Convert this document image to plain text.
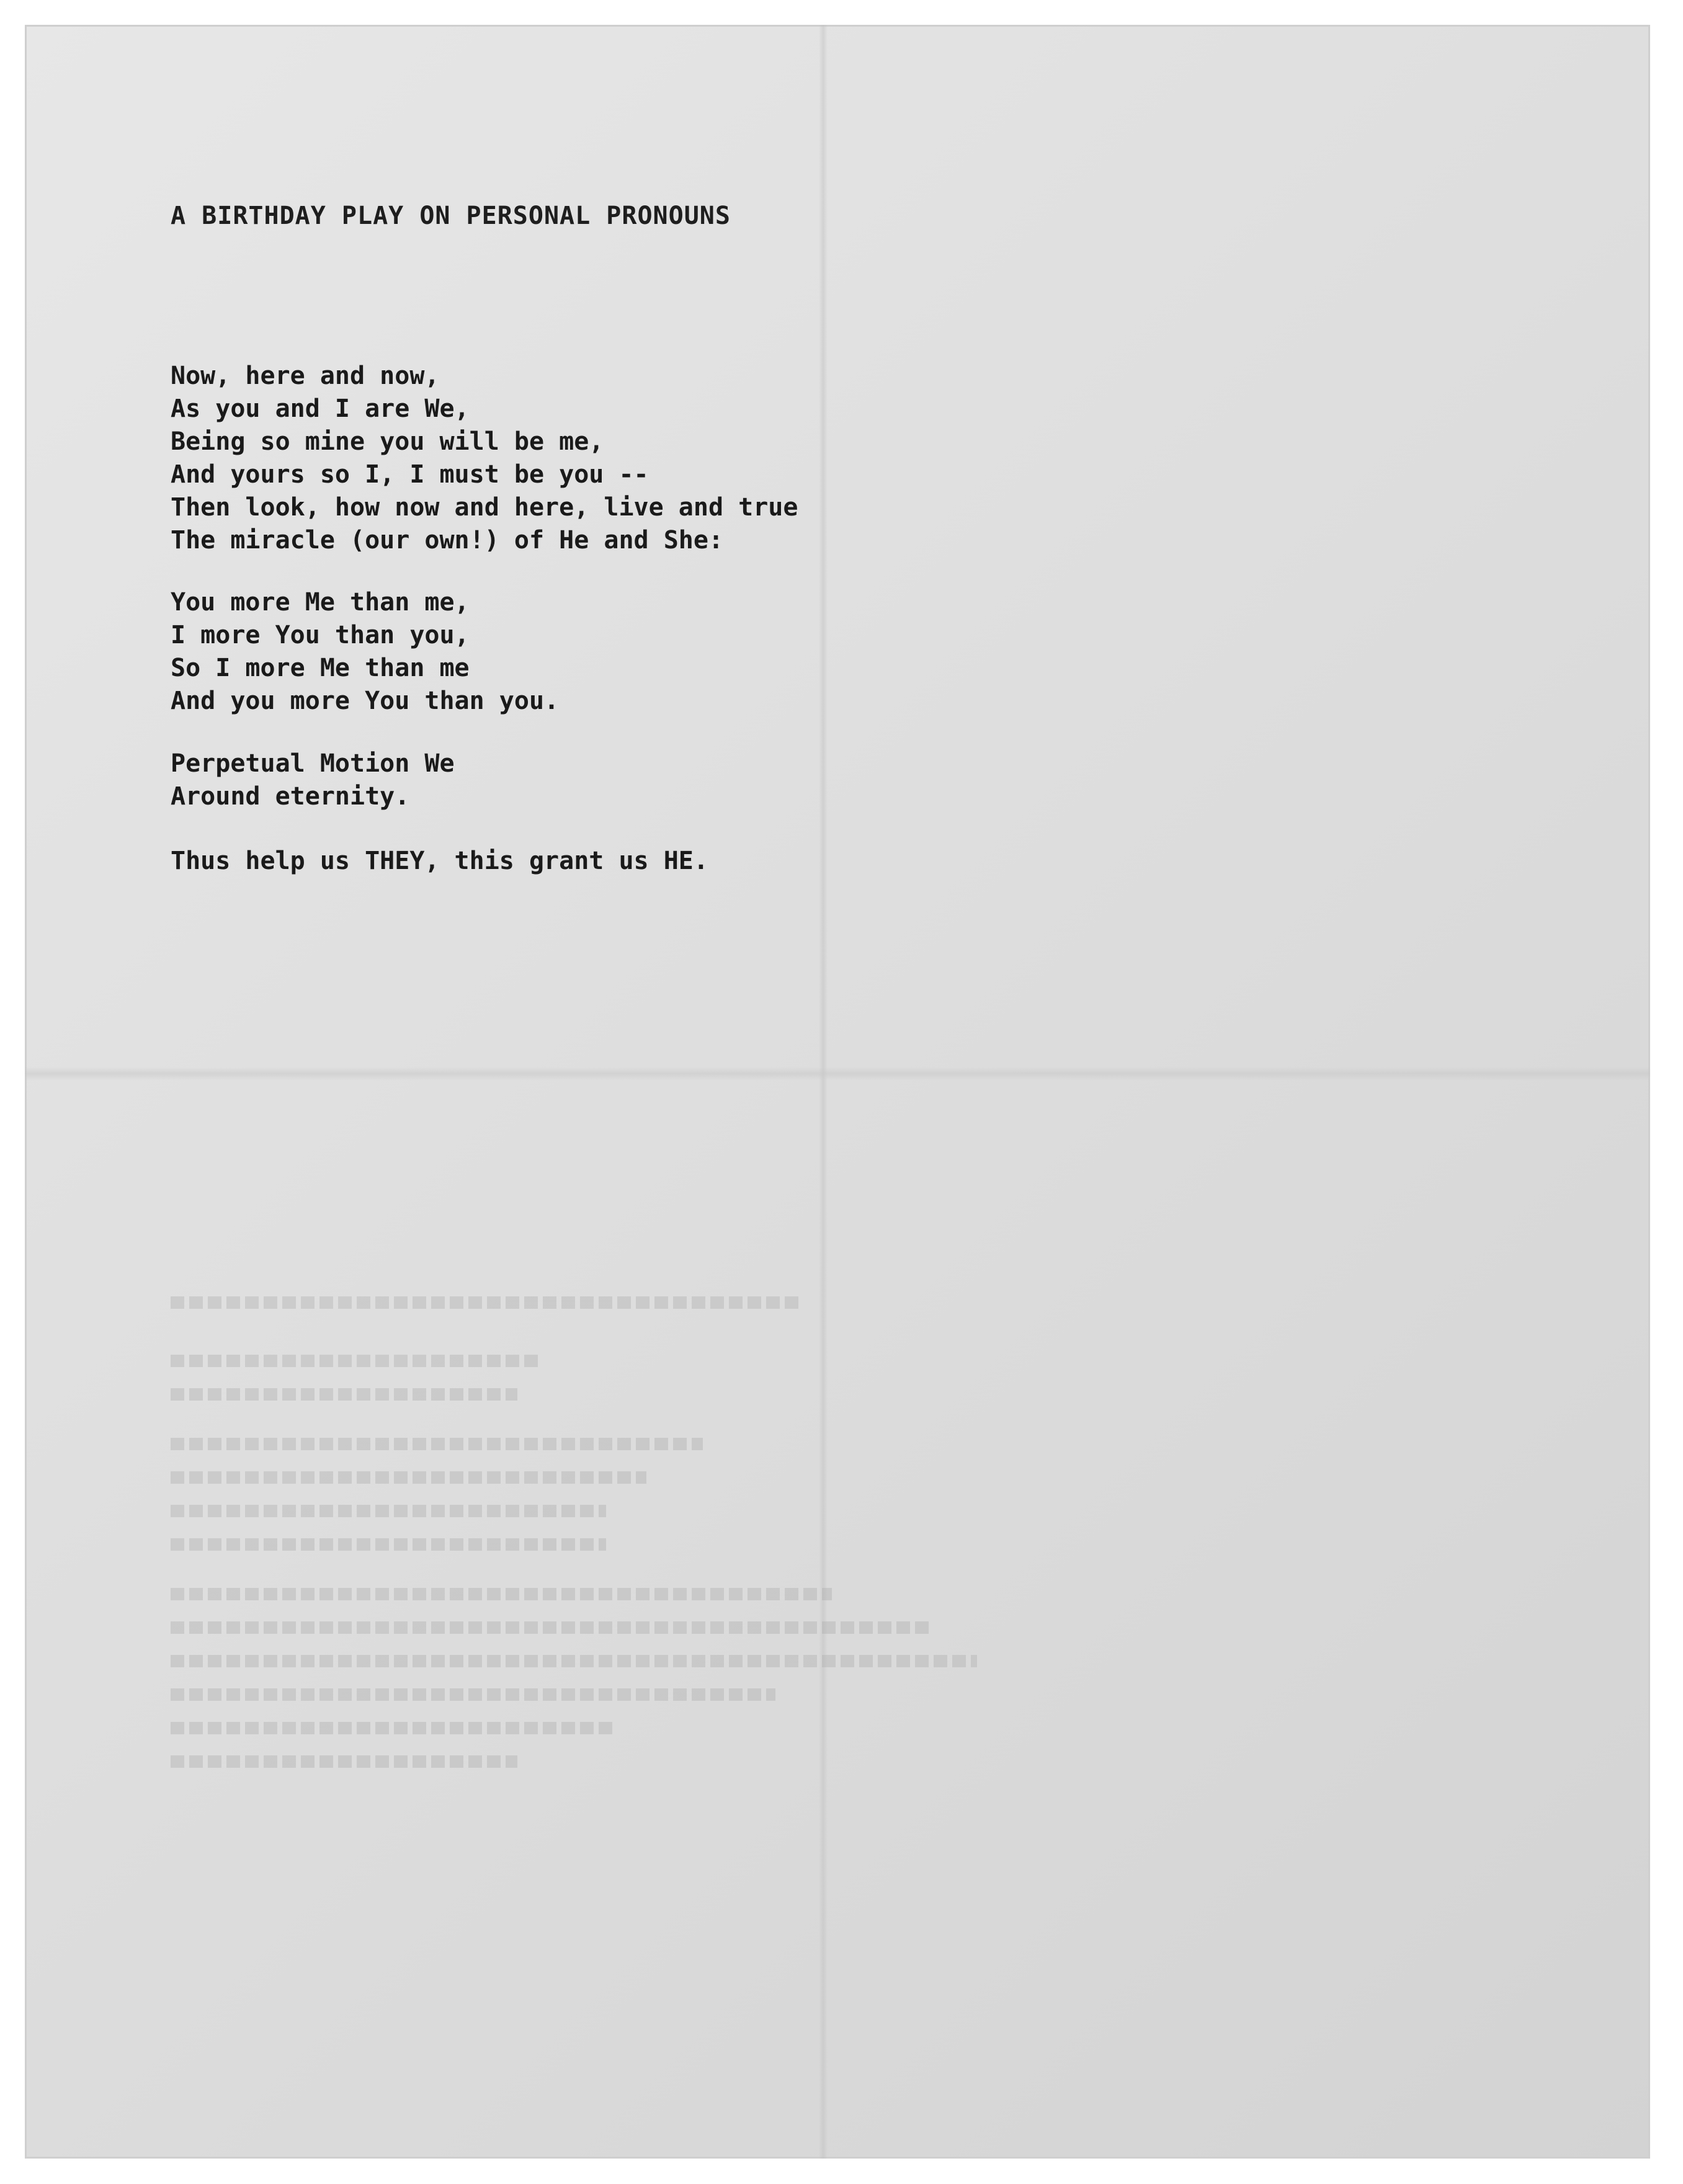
A BIRTHDAY PLAY ON PERSONAL PRONOUNS
Now, here and now,
As you and I are We,
Being so mine you will be me,
And yours so I, I must be you --
Then look, how now and here, live and true
The miracle (our own!) of He and She:
You more Me than me,
I more You than you,
So I more Me than me
And you more You than you.
Perpetual Motion We
Around eternity.
Thus help us THEY, this grant us HE.
